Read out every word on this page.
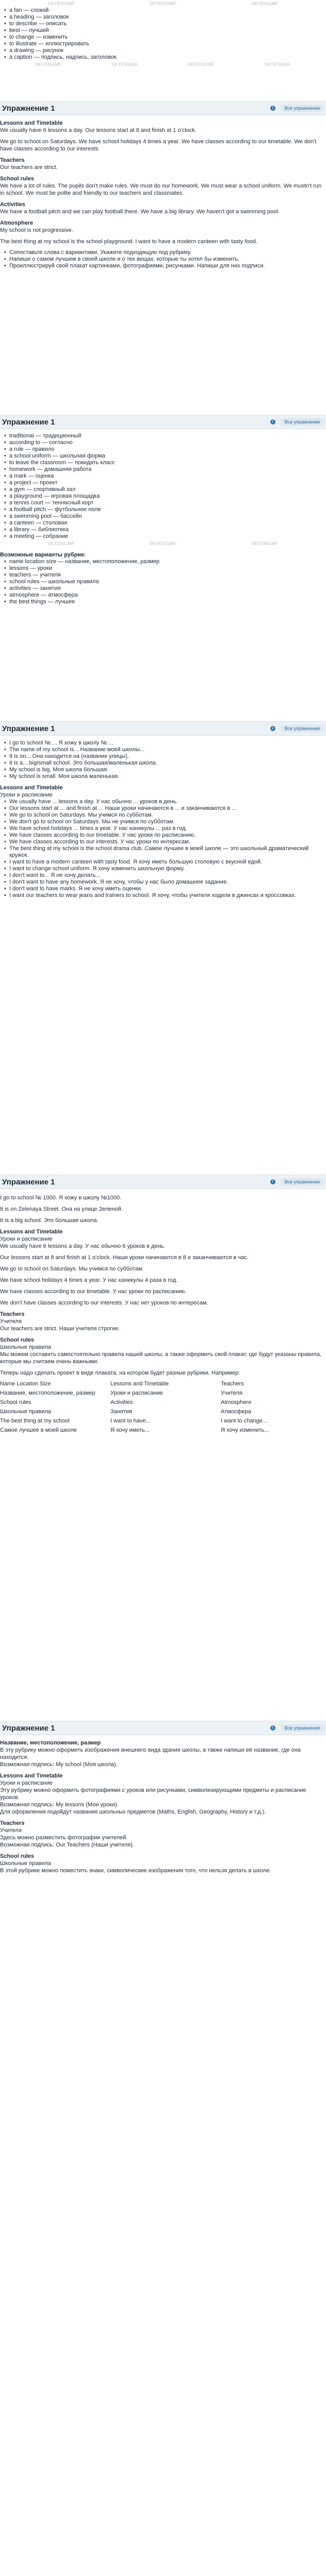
SKYENGMF	SKYENGMF	SKYENGMF
• a fan — спокой
• a heading — заголовок
• to describe — описать
• best — лучший
• to change — изменить
• to illustrate — иллюстрировать
• a drawing — рисунок
• a caption — подпись, надпись, заголовок
SKYENGMF	SKYENGMF	SKYENGMF	SKYENGMF
Упражнение 1	1	Все упражнения

Lessons and Timetable

We usually have 6 lessons a day. Our lessons start at 8 and finish at 1 o'clock.

We go to school on Saturdays. We have school holidays 4 times a year. We have classes according to our timetable. We don't have classes according to our interests.

Teachers

Our teachers are strict.

School rules

We have a lot of rules. The pupils don't make rules. We must do our homework. We must wear a school uniform. We mustn't run in school. We must be polite and friendly to our teachers and classmates.

Activities

We have a football pitch and we can play football there. We have a big library. We haven't got a swimming pool.

Atmosphere

My school is not progressive.

The best thing at my school is the school playground. I want to have a modern canteen with tasty food.

• Сопоставьте слова с вариантами. Укажите подходящую под рубрику.
• Напиши о самом лучшем в своей школе и о тех вещах, которые ты хотел бы изменить.
• Проиллюстрируй свой плакат картинками, фотографиями, рисунками. Напиши для них подписи.
Упражнение 1	1	Все упражнения
• traditional — традиционный
• according to — согласно
• a rule — правило
• a school uniform — школьная форма
• to leave the classroom — покидать класс
• homework — домашняя работа
• a mark — оценка
• a project — проект
• a gym — спортивный зал
• a playground — игровая площадка
• a tennis court — теннисный корт
• a football pitch — футбольное поле
• a swimming pool — бассейн
• a canteen — столовая
• a library — библиотека
• a meeting — собрание
SKYENGMF	SKYENGMF	SKYENGMF

Возможные варианты рубрик:

• name location size — название, местоположение, размер
• lessons — уроки
• teachers — учителя
• school rules — школьные правила
• activities — занятия
• atmosphere — атмосфера
• the best things — лучшее
Упражнение 1	1	Все упражнения
• I go to school № ... Я хожу в школу № ...
• The name of my school is... Название моей школы...
• It is on... Она находится на (название улицы).
• It is a... big/small school. Это большая/маленькая школа.
• My school is big. Моя школа большая.
• My school is small. Моя школа маленькая.

Lessons and Timetable

Уроки и расписание

• We usually have ... lessons a day. У нас обычно ... уроков в день.
• Our lessons start at ... and finish at ... Наши уроки начинаются в ... и заканчиваются в ...
• We go to school on Saturdays. Мы учимся по субботам.
• We don't go to school on Saturdays. Мы не учимся по субботам.
• We have school holidays ... times a year. У нас каникулы ... раз в год.
• We have classes according to our timetable. У нас уроки по расписанию.
• We have classes according to our interests. У нас уроки по интересам.
• The best thing at my school is the school drama club. Самое лучшее в моей школе — это школьный драматический кружок.
• I want to have a modern canteen with tasty food. Я хочу иметь большую столовую с вкусной едой.
• I want to change school uniform. Я хочу изменить школьную форму.
• I don't want to... Я не хочу делать...
• I don't want to have any homework. Я не хочу, чтобы у нас было домашнее задание.
• I don't want to have marks. Я не хочу иметь оценки.
• I want our teachers to wear jeans and trainers to school. Я хочу, чтобы учителя ходили в джинсах и кроссовках.
Упражнение 1	1	Все упражнения

I go to school № 1000. Я хожу в школу №1000.

It is on Zelenaya Street. Она на улице Зеленой.

It is a big school. Это большая школа.

Lessons and Timetable

Уроки и расписание

We usually have 6 lessons a day. У нас обычно 6 уроков в день.

Our lessons start at 8 and finish at 1 o'clock. Наши уроки начинаются в 8 и заканчиваются в час.

We go to school on Saturdays. Мы учимся по субботам.

We have school holidays 4 times a year. У нас каникулы 4 раза в год.

We have classes according to our timetable. У нас уроки по расписанию.

We don't have classes according to our interests. У нас нет уроков по интересам.

Teachers

Учителя

Our teachers are strict. Наши учителя строгие.

School rules

Школьные правила

Мы можем составить самостоятельно правила нашей школы, а также оформить свой плакат, где будут указаны правила, которые мы считаем очень важными.

Теперь надо сделать проект в виде плаката, на котором будет разные рубрики. Например:

Name Location Size	Lessons and Timetable	Teachers
Название, местоположение, размер	Уроки и расписание	Учителя
School rules	Activities	Atmosphere
Школьные правила	Занятия	Атмосфера
The best thing at my school	I want to have...	I want to change...
Самое лучшее в моей школе	Я хочу иметь...	Я хочу изменить...
Упражнение 1	1	Все упражнения

Название, местоположение, размер

В эту рубрику можно оформить изображения внешнего вида здания школы, а также напиши её название, где она находится.

Возможная подпись: My school (Моя школа).

Lessons and Timetable

Уроки и расписание

Эту рубрику можно оформить фотографиями с уроков или рисунками, символизирующими предметы и расписание уроков.

Возможная подпись: My lessons (Мои уроки).

Для оформления подойдут названия школьных предметов (Maths, English, Geography, History и т.д.).

Teachers

Учителя

Здесь можно разместить фотографии учителей.

Возможная подпись: Our Teachers (Наши учителя).

School rules

Школьные правила

В этой рубрике можно поместить знаки, символические изображения того, что нельзя делать в школе.
